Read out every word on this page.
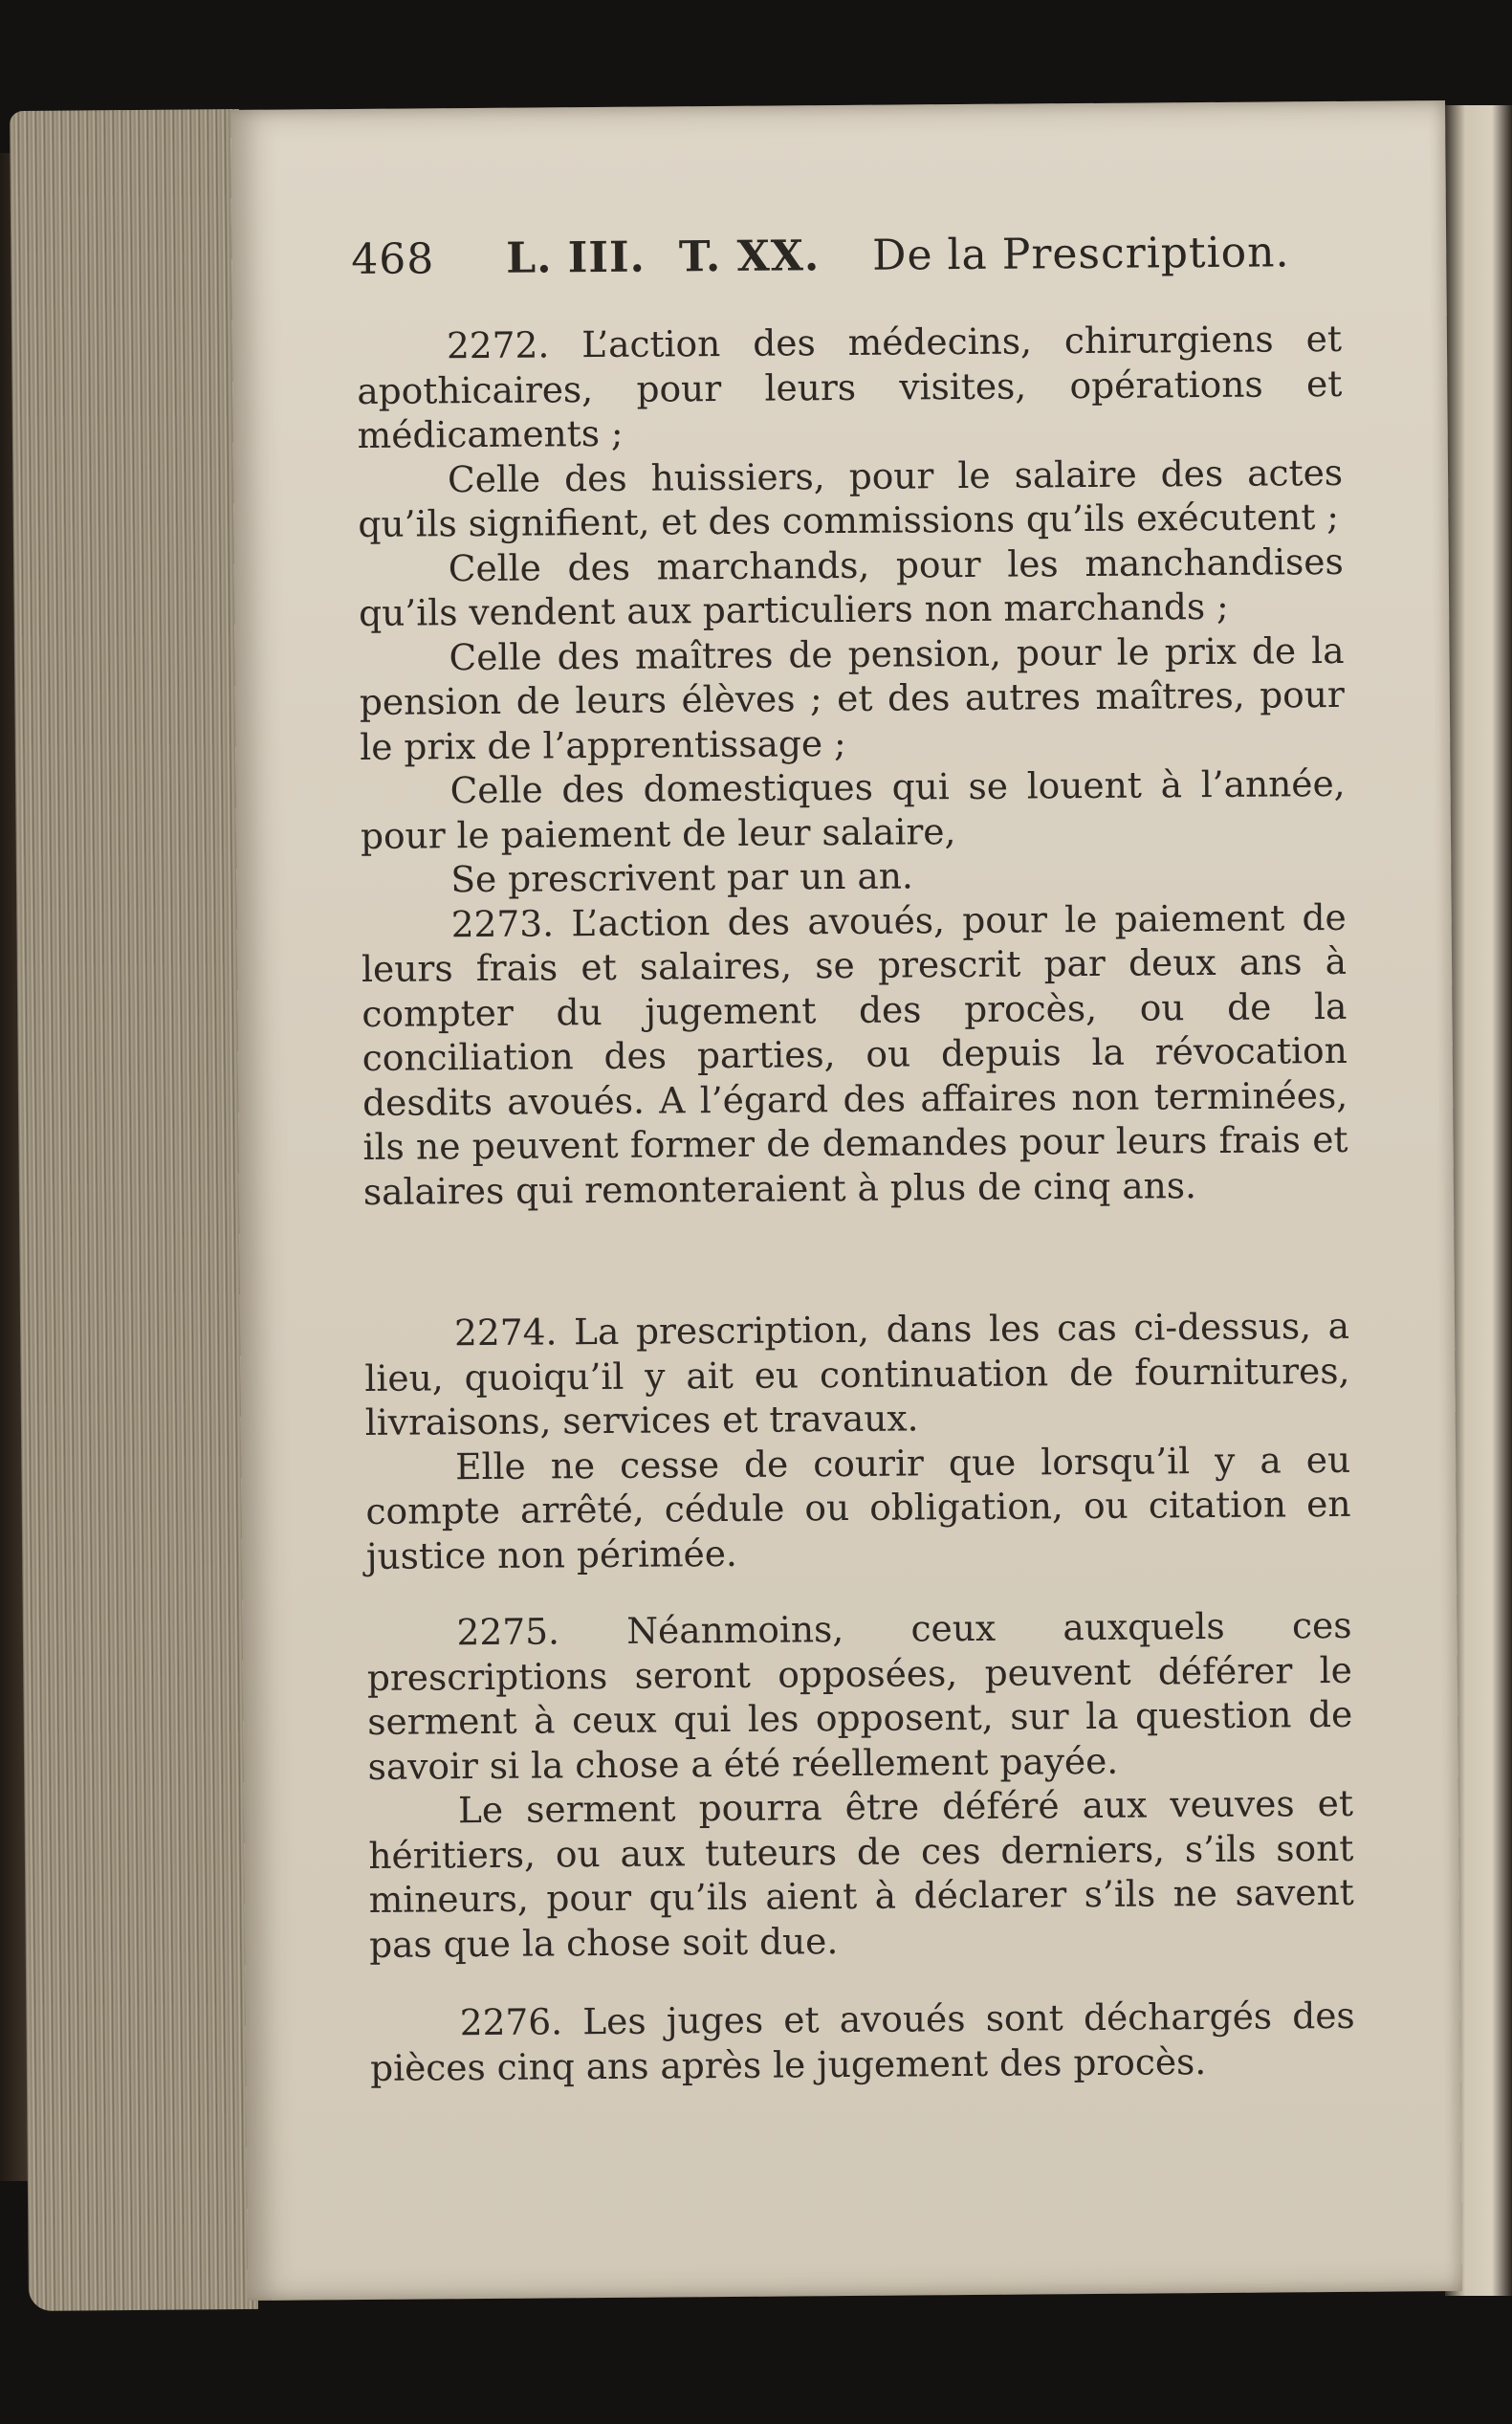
468 L. III. T. XX. De la Prescription.

2272. L’action des médecins, chirurgiens et apothicaires, pour leurs visites, opérations et médicaments ;

Celle des huissiers, pour le salaire des actes qu’ils signifient, et des commissions qu’ils exécutent ;

Celle des marchands, pour les manchandises qu’ils vendent aux particuliers non marchands ;

Celle des maîtres de pension, pour le prix de la pension de leurs élèves ; et des autres maîtres, pour le prix de l’apprentissage ;

Celle des domestiques qui se louent à l’année, pour le paiement de leur salaire,

Se prescrivent par un an.

2273. L’action des avoués, pour le paiement de leurs frais et salaires, se prescrit par deux ans à compter du jugement des procès, ou de la conciliation des parties, ou depuis la révocation desdits avoués. A l’égard des affaires non terminées, ils ne peuvent former de demandes pour leurs frais et salaires qui remonteraient à plus de cinq ans.

2274. La prescription, dans les cas ci-dessus, a lieu, quoiqu’il y ait eu continuation de fournitures, livraisons, services et travaux.

Elle ne cesse de courir que lorsqu’il y a eu compte arrêté, cédule ou obligation, ou citation en justice non périmée.

2275. Néanmoins, ceux auxquels ces prescriptions seront opposées, peuvent déférer le serment à ceux qui les opposent, sur la question de savoir si la chose a été réellement payée.

Le serment pourra être déféré aux veuves et héritiers, ou aux tuteurs de ces derniers, s’ils sont mineurs, pour qu’ils aient à déclarer s’ils ne savent pas que la chose soit due.

2276. Les juges et avoués sont déchargés des pièces cinq ans après le jugement des procès.
